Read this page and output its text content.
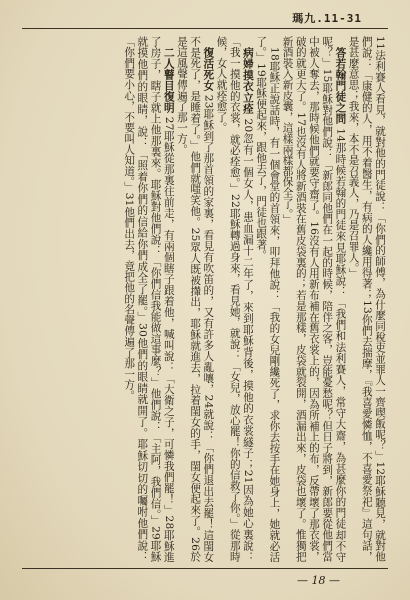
瑪九.11-31

11法利賽人看見，就對他的門徒說：「你們的師傅，為什麼同稅吏並罪人一齊喫飯呢？」12耶穌聽見，就對他們說：「康健的人，用不着醫生，有病的人纔用得著；13你們去揣摩，『我喜愛憐恤，不喜愛祭祀』這句話，是甚麼意思；我來，本不是召義人，乃是召罪人。」

答若翰門徒之問 14那時候若翰的門徒來見耶穌說：「我們和法利賽人，常守大齋，為甚麼你的門徒却不守呢？」15耶穌對他們說：「新郎同他們在一起的時候，陪伴之客，豈能憂愁呢？但日子將到，新郎要從他們當中被人奪去，那時候他們就要守齋了。16沒有人用新布補在舊衣裳上的，因為所補上的布，反帶壞了那衣裳，破的就更大了。17也沒有人將新酒裝在舊皮袋裏的；若是那樣，皮袋就裂開，酒漏出來，皮袋也壞了。惟獨把新酒裝入新皮囊，這樣兩樣都保全了。」

18耶穌正說話時，有一個會堂的首領來，叩拜他說：「我的女兒剛纔死了，求你去按手在她身上，她就必活了。」19耶穌便起來，跟他去了，門徒也跟著。

病婦摸衣立痊 20忽有一個女人，患血漏十二年了，來到耶穌背後，摸他的衣裳繸子；21因為她心裏說：「我一摸他的衣裳，就必痊愈。」22耶穌轉過身來，看見她，就說：「女兒，放心罷！你的信救了你。」從那時候，女人就痊愈了。

復活死女 23耶穌到了那首領的家裏，看見有吹笛的，又有許多人亂嚷，24就說：「你們退出去罷！這閨女不是死了，是睡着了。」他們就嗤笑他。25眾人既被攆出，耶穌就進去，拉着閨女的手，閨女便起來了。26於是這風聲傳遍了那一方。

二人瞽目復明 27耶穌從那裏往前走，有兩個瞎子跟着他，喊叫說：「大衛之子，可憐我們罷！」28耶穌進了房子，瞎子就上他那裏來。耶穌對他們說：「你們信我能做這事麼？」他們說：「主阿，我們信。」29耶穌就摸他們的眼睛，說：「照着你們的信給你們成全了罷。」30他們的眼睛就開了。耶穌切切的囑咐他們說：「你們要小心，不要叫人知道。」31他們出去，竟把他的名聲傳遍了那一方。

— 18 —
